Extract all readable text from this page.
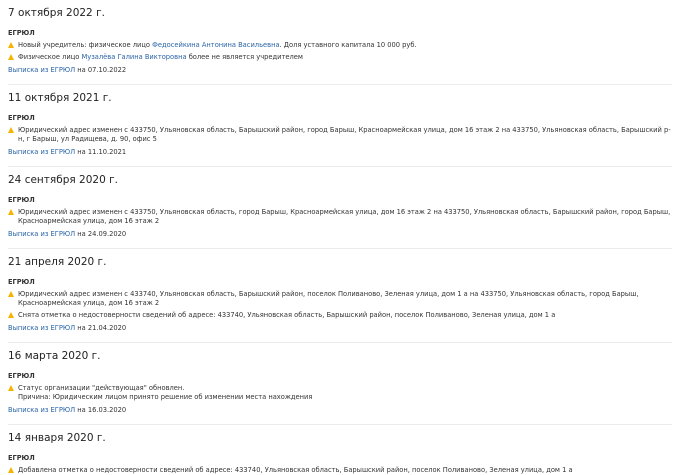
7 октября 2022 г.
ЕГРЮЛ
Новый учредитель: физическое лицо Федосейкина Антонина Васильевна. Доля уставного капитала 10 000 руб.
Физическое лицо Музалёва Галина Викторовна более не является учредителем
Выписка из ЕГРЮЛ на 07.10.2022
11 октября 2021 г.
ЕГРЮЛ
Юридический адрес изменен с 433750, Ульяновская область, Барышский район, город Барыш, Красноармейская улица, дом 16 этаж 2 на 433750, Ульяновская область, Барышский р-н, г Барыш, ул Радищева, д. 90, офис 5
Выписка из ЕГРЮЛ на 11.10.2021
24 сентября 2020 г.
ЕГРЮЛ
Юридический адрес изменен с 433750, Ульяновская область, город Барыш, Красноармейская улица, дом 16 этаж 2 на 433750, Ульяновская область, Барышский район, город Барыш, Красноармейская улица, дом 16 этаж 2
Выписка из ЕГРЮЛ на 24.09.2020
21 апреля 2020 г.
ЕГРЮЛ
Юридический адрес изменен с 433740, Ульяновская область, Барышский район, поселок Поливаново, Зеленая улица, дом 1 а на 433750, Ульяновская область, город Барыш, Красноармейская улица, дом 16 этаж 2
Снята отметка о недостоверности сведений об адресе: 433740, Ульяновская область, Барышский район, поселок Поливаново, Зеленая улица, дом 1 а
Выписка из ЕГРЮЛ на 21.04.2020
16 марта 2020 г.
ЕГРЮЛ
Статус организации "действующая" обновлен.
Причина: Юридическим лицом принято решение об изменении места нахождения
Выписка из ЕГРЮЛ на 16.03.2020
14 января 2020 г.
ЕГРЮЛ
Добавлена отметка о недостоверности сведений об адресе: 433740, Ульяновская область, Барышский район, поселок Поливаново, Зеленая улица, дом 1 а
